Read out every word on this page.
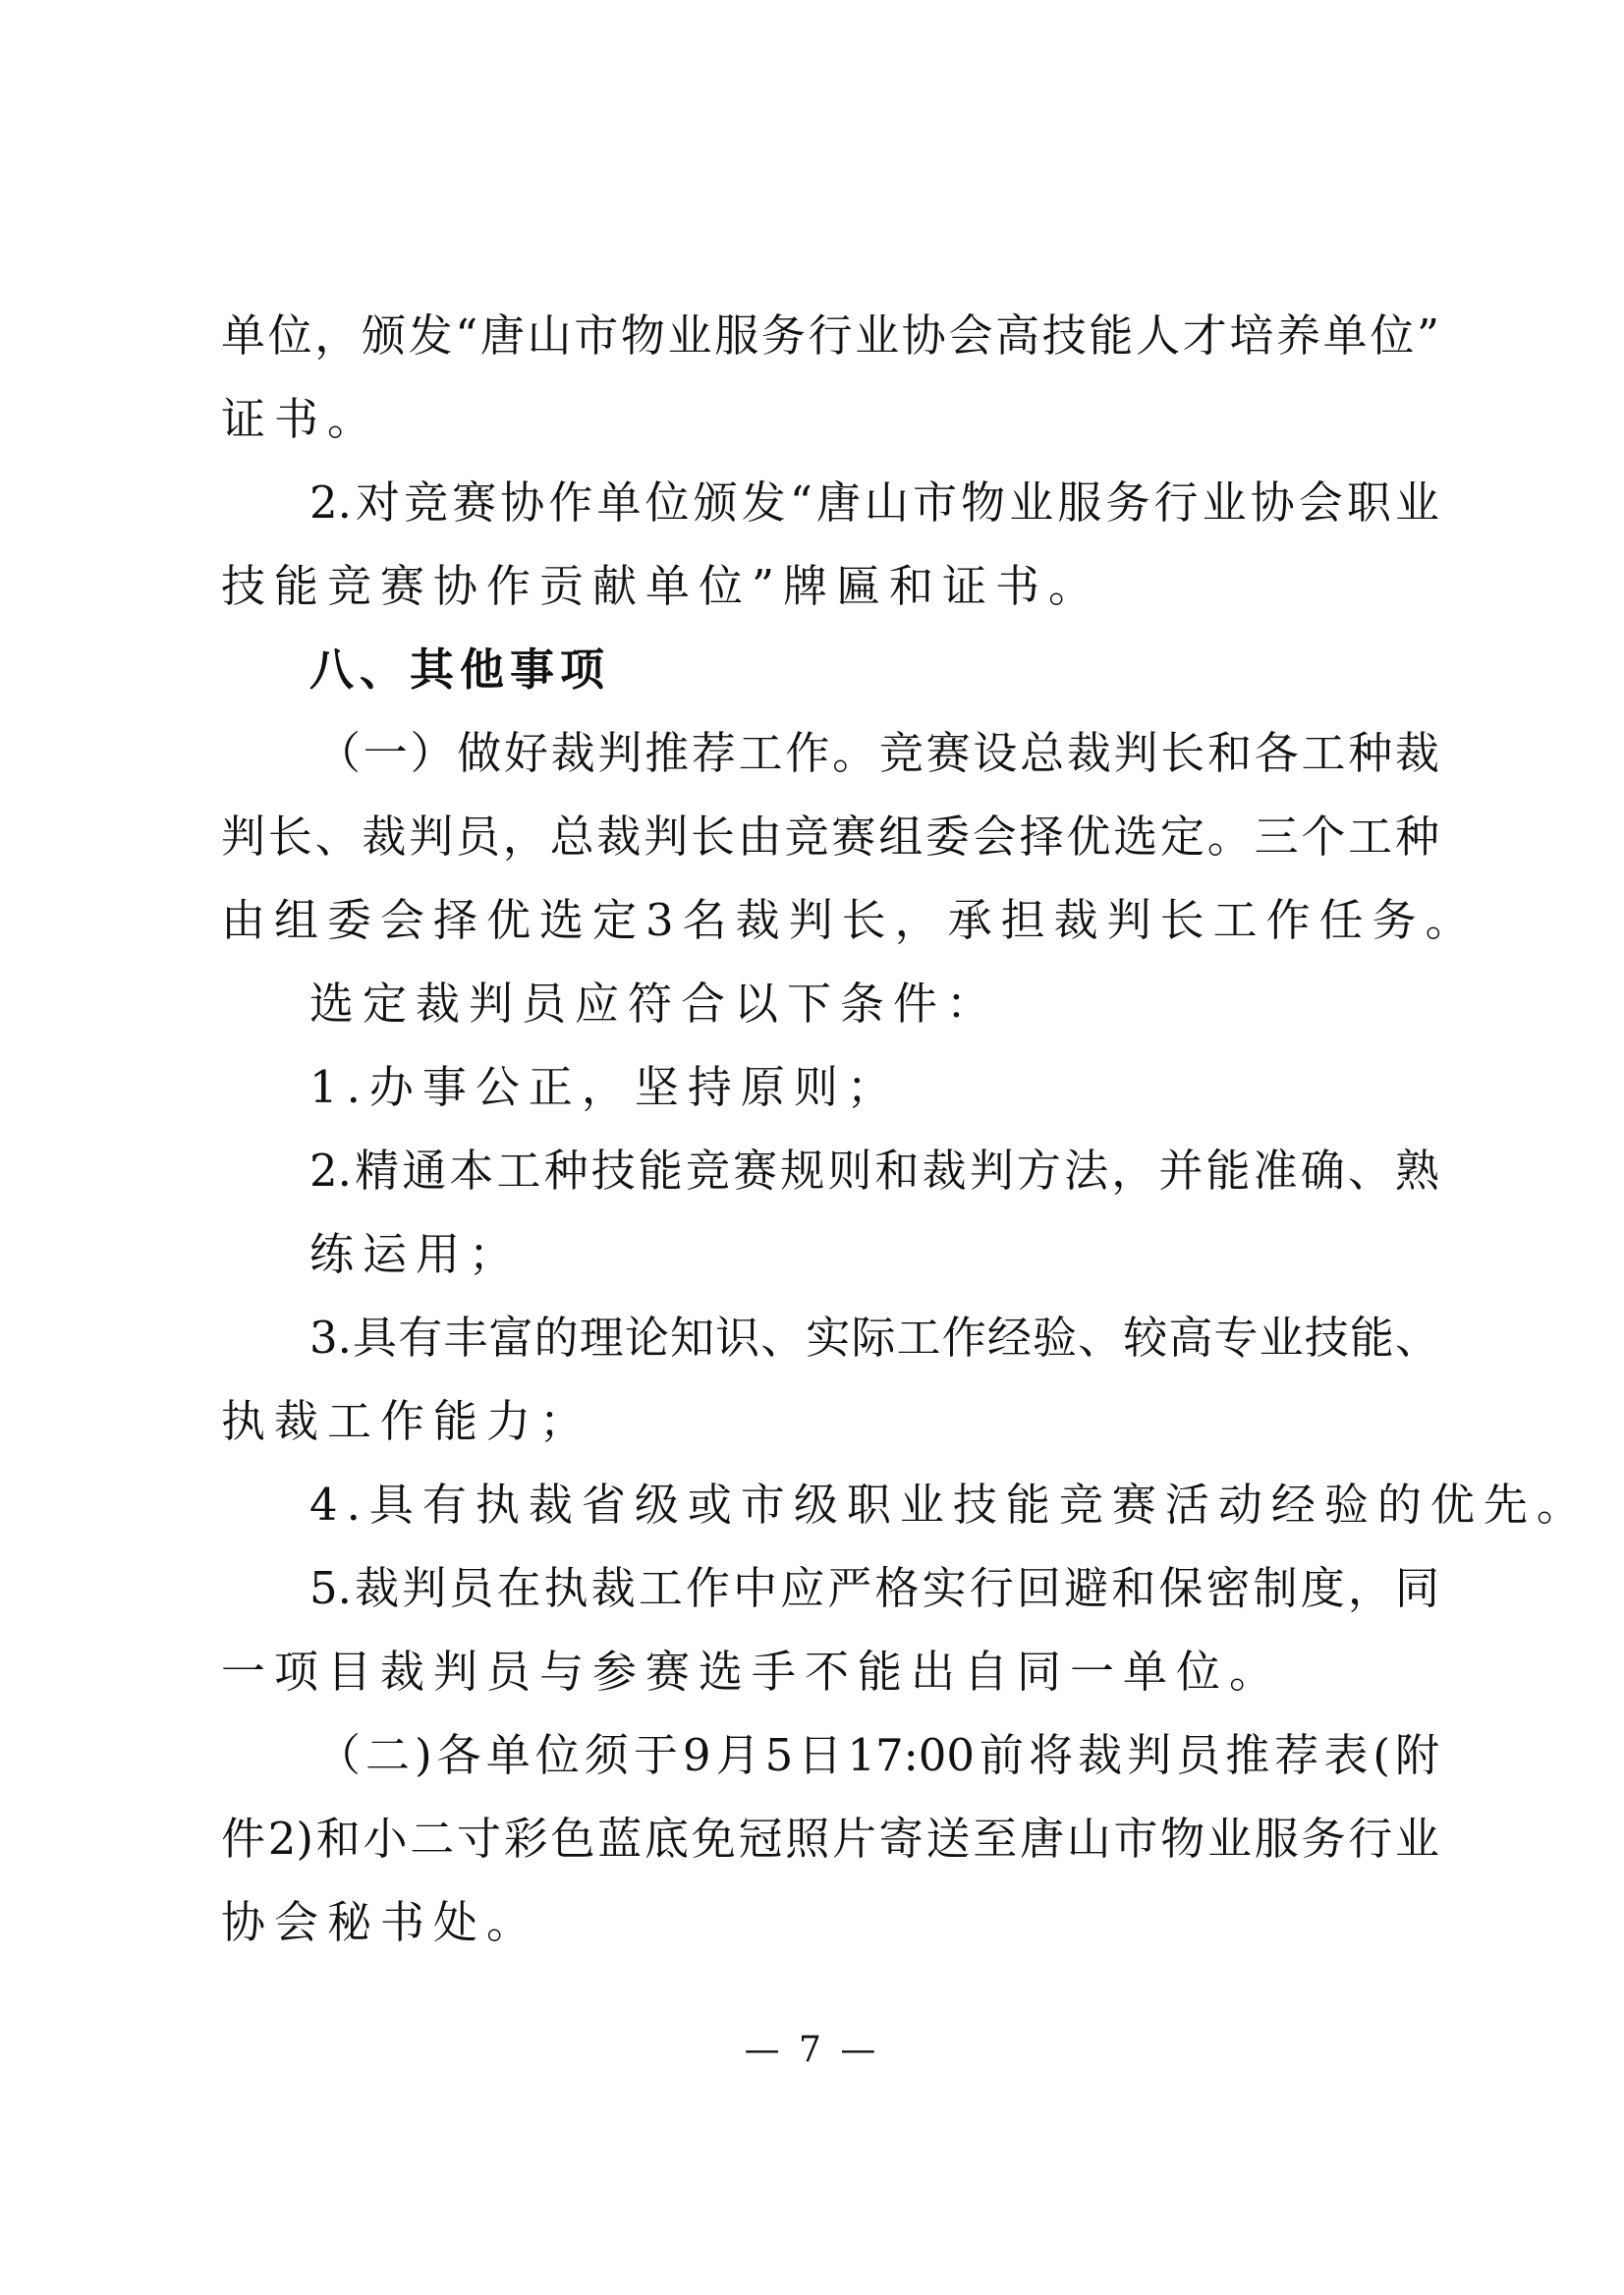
单位，颁发“唐山市物业服务行业协会高技能人才培养单位”
证书。
2.对竞赛协作单位颁发“唐山市物业服务行业协会职业
技能竞赛协作贡献单位”牌匾和证书。
八、其他事项
（一）做好裁判推荐工作。竞赛设总裁判长和各工种裁
判长、裁判员，总裁判长由竞赛组委会择优选定。三个工种
由组委会择优选定3名裁判长，承担裁判长工作任务。
选定裁判员应符合以下条件：
1.办事公正，坚持原则；
2.精通本工种技能竞赛规则和裁判方法，并能准确、熟
练运用；
3.具有丰富的理论知识、实际工作经验、较高专业技能、
执裁工作能力；
4.具有执裁省级或市级职业技能竞赛活动经验的优先。
5.裁判员在执裁工作中应严格实行回避和保密制度，同
一项目裁判员与参赛选手不能出自同一单位。
（二)各单位须于9月5日17:00前将裁判员推荐表(附
件2)和小二寸彩色蓝底免冠照片寄送至唐山市物业服务行业
协会秘书处。
— 7 —
